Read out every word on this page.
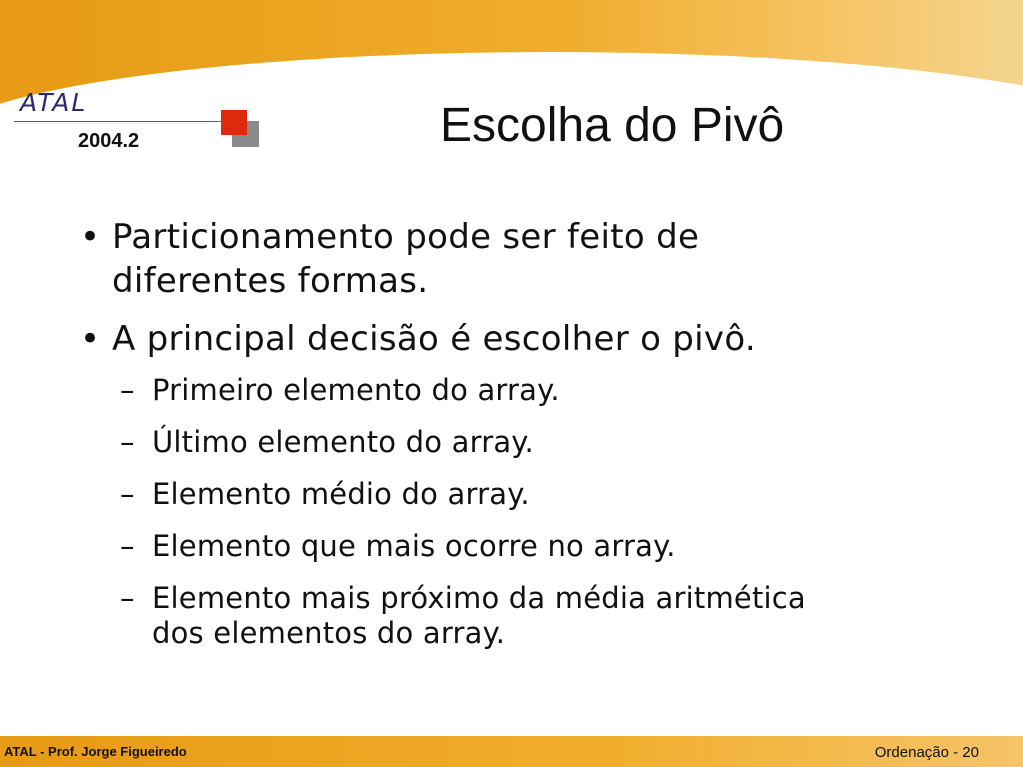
ATAL
2004.2	Escolha do Pivô
• Particionamento pode ser feito de
diferentes formas.
• A principal decisão é escolher o pivô.
– Primeiro elemento do array.
– Último elemento do array.
– Elemento médio do array.
– Elemento que mais ocorre no array.
– Elemento mais próximo da média aritmética
dos elementos do array.
ATAL - Prof. Jorge Figueiredo	Ordenação - 20
